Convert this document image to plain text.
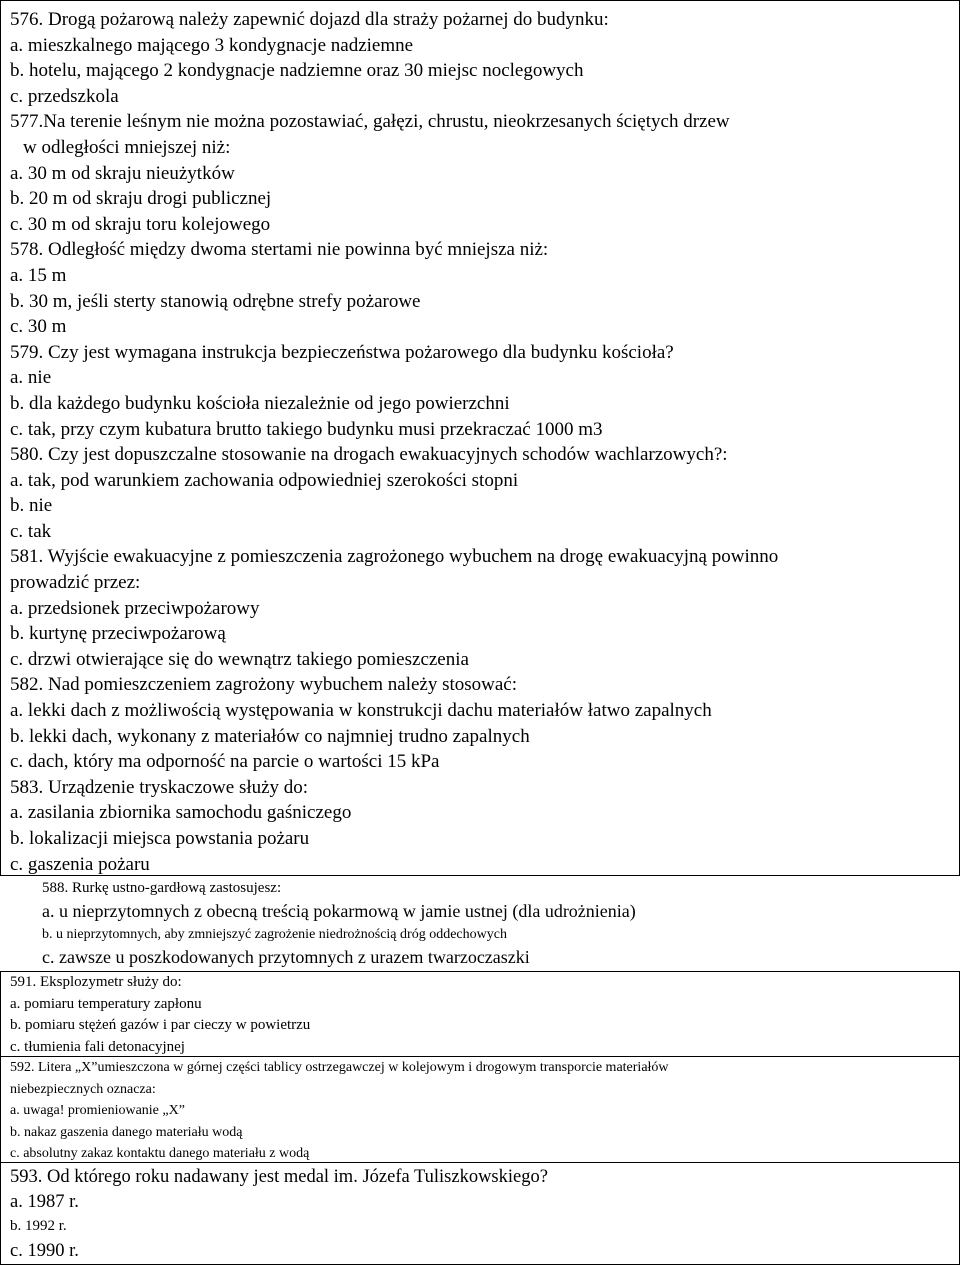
576. Drogą pożarową należy zapewnić dojazd dla straży pożarnej do budynku:
a. mieszkalnego mającego 3 kondygnacje nadziemne
b. hotelu, mającego 2 kondygnacje nadziemne oraz 30 miejsc noclegowych
c. przedszkola
577.Na terenie leśnym nie można pozostawiać, gałęzi, chrustu, nieokrzesanych ściętych drzew
w odległości mniejszej niż:
a. 30 m od skraju nieużytków
b. 20 m od skraju drogi publicznej
c. 30 m od skraju toru kolejowego
578. Odległość między dwoma stertami nie powinna być mniejsza niż:
a. 15 m
b. 30 m, jeśli sterty stanowią odrębne strefy pożarowe
c. 30 m
579. Czy jest wymagana instrukcja bezpieczeństwa pożarowego dla budynku kościoła?
a. nie
b. dla każdego budynku kościoła niezależnie od jego powierzchni
c. tak, przy czym kubatura brutto takiego budynku musi przekraczać 1000 m3
580. Czy jest dopuszczalne stosowanie na drogach ewakuacyjnych schodów wachlarzowych?:
a. tak, pod warunkiem zachowania odpowiedniej szerokości stopni
b. nie
c. tak
581. Wyjście ewakuacyjne z pomieszczenia zagrożonego wybuchem na drogę ewakuacyjną powinno
prowadzić przez:
a. przedsionek przeciwpożarowy
b. kurtynę przeciwpożarową
c. drzwi otwierające się do wewnątrz takiego pomieszczenia
582. Nad pomieszczeniem zagrożony wybuchem należy stosować:
a. lekki dach z możliwością występowania w konstrukcji dachu materiałów łatwo zapalnych
b. lekki dach, wykonany z materiałów co najmniej trudno zapalnych
c. dach, który ma odporność na parcie o wartości 15 kPa
583. Urządzenie tryskaczowe służy do:
a. zasilania zbiornika samochodu gaśniczego
b. lokalizacji miejsca powstania pożaru
c. gaszenia pożaru
588. Rurkę ustno-gardłową zastosujesz:
a. u nieprzytomnych z obecną treścią pokarmową w jamie ustnej (dla udrożnienia)
b. u nieprzytomnych, aby zmniejszyć zagrożenie niedrożnością dróg oddechowych
c. zawsze u poszkodowanych przytomnych z urazem twarzoczaszki
591. Eksplozymetr służy do:
a. pomiaru temperatury zapłonu
b. pomiaru stężeń gazów i par cieczy w powietrzu
c. tłumienia fali detonacyjnej
592. Litera „X”umieszczona w górnej części tablicy ostrzegawczej w kolejowym i drogowym transporcie materiałów
niebezpiecznych oznacza:
a. uwaga! promieniowanie „X”
b. nakaz gaszenia danego materiału wodą
c. absolutny zakaz kontaktu danego materiału z wodą
593. Od którego roku nadawany jest medal im. Józefa Tuliszkowskiego?
a. 1987 r.
b. 1992 r.
c. 1990 r.
